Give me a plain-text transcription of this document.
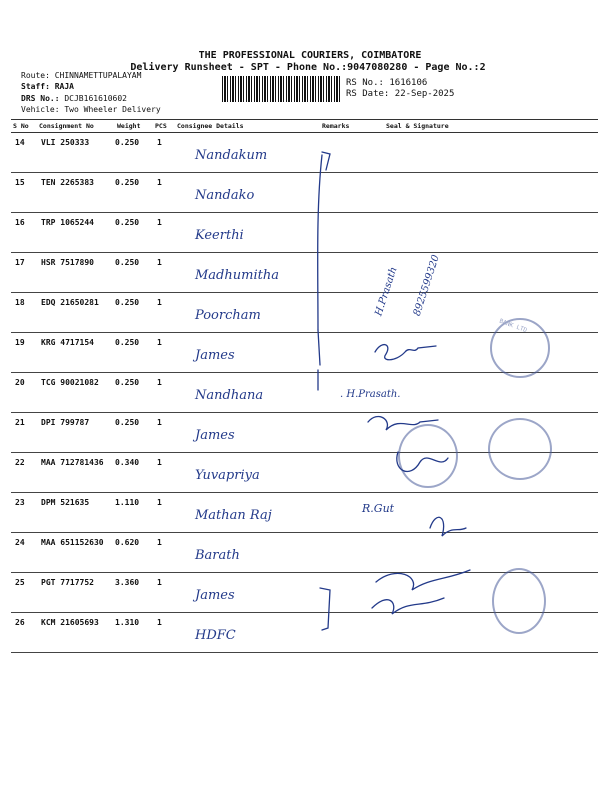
THE PROFESSIONAL COURIERS, COIMBATORE
Delivery Runsheet - SPT - Phone No.:9047080280 - Page No.:2
Route: CHINNAMETTUPALAYAM
Staff: RAJA
DRS No.: DCJB161610602
Vehicle: Two Wheeler Delivery
RS No.: 1616106
RS Date: 22-Sep-2025
S No	Consignment No	Weight	PCS	Consignee Details	Remarks	Seal & Signature
14	VLI 250333	0.250	1	Nandakum		
15	TEN 2265383	0.250	1	Nandako		
16	TRP 1065244	0.250	1	Keerthi		
17	HSR 7517890	0.250	1	Madhumitha		
18	EDQ 21650281	0.250	1	Poorcham		
19	KRG 4717154	0.250	1	James		
20	TCG 90021082	0.250	1	Nandhana		
21	DPI 799787	0.250	1	James		
22	MAA 712781436	0.340	1	Yuvapriya		
23	DPM 521635	1.110	1	Mathan Raj		
24	MAA 651152630	0.620	1	Barath		
25	PGT 7717752	3.360	1	James		
26	KCM 21605693	1.310	1	HDFC		
. H.Prasath.
R.Gut
H.Prasath 8925599320
BANK LTD
